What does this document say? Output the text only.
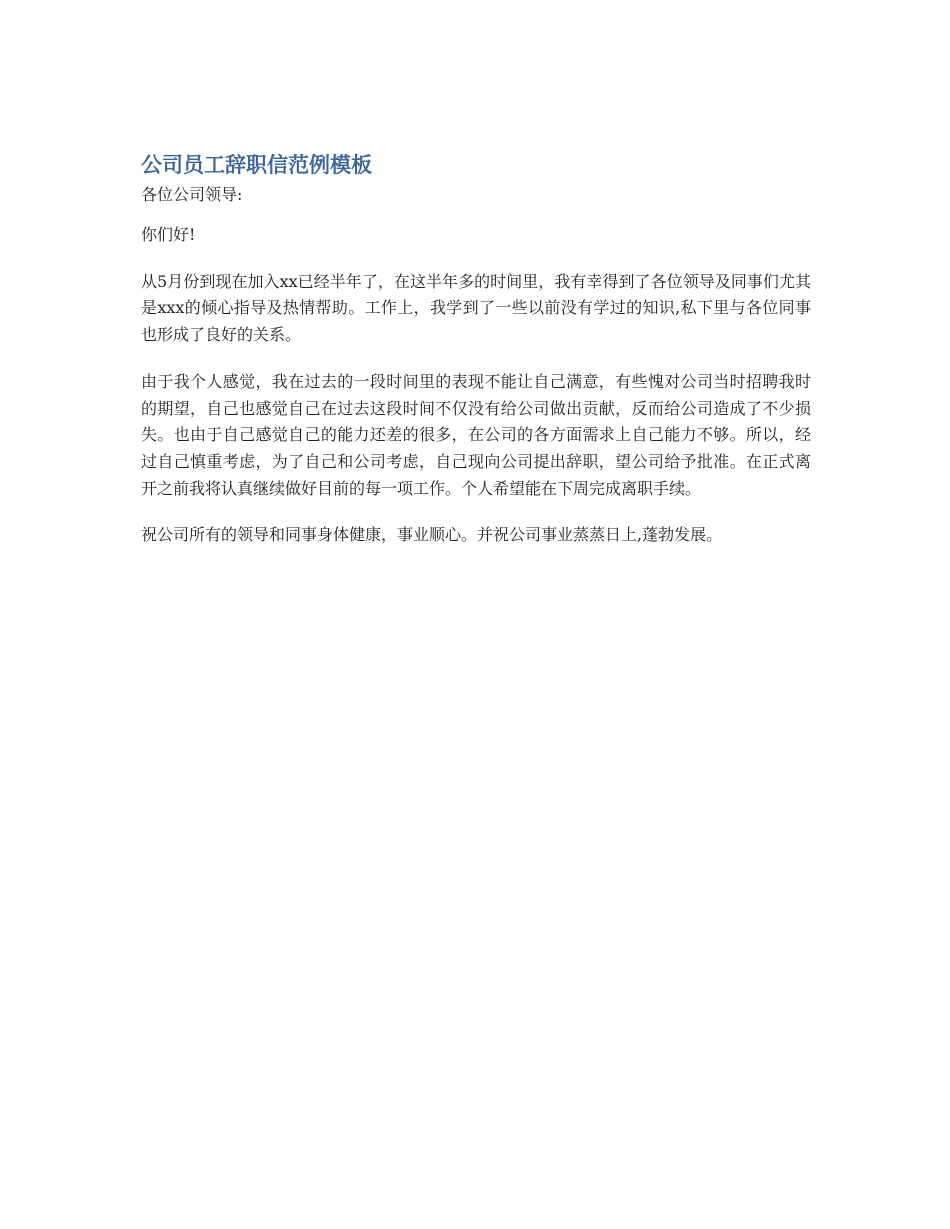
公司员工辞职信范例模板

各位公司领导:

你们好!

从5月份到现在加入xx已经半年了，在这半年多的时间里，我有幸得到了各位领导及同事们尤其是xxx的倾心指导及热情帮助。工作上，我学到了一些以前没有学过的知识,私下里与各位同事也形成了良好的关系。

由于我个人感觉，我在过去的一段时间里的表现不能让自己满意，有些愧对公司当时招聘我时的期望，自己也感觉自己在过去这段时间不仅没有给公司做出贡献，反而给公司造成了不少损失。也由于自己感觉自己的能力还差的很多，在公司的各方面需求上自己能力不够。所以，经过自己慎重考虑，为了自己和公司考虑，自己现向公司提出辞职，望公司给予批准。在正式离开之前我将认真继续做好目前的每一项工作。个人希望能在下周完成离职手续。

祝公司所有的领导和同事身体健康，事业顺心。并祝公司事业蒸蒸日上,蓬勃发展。
